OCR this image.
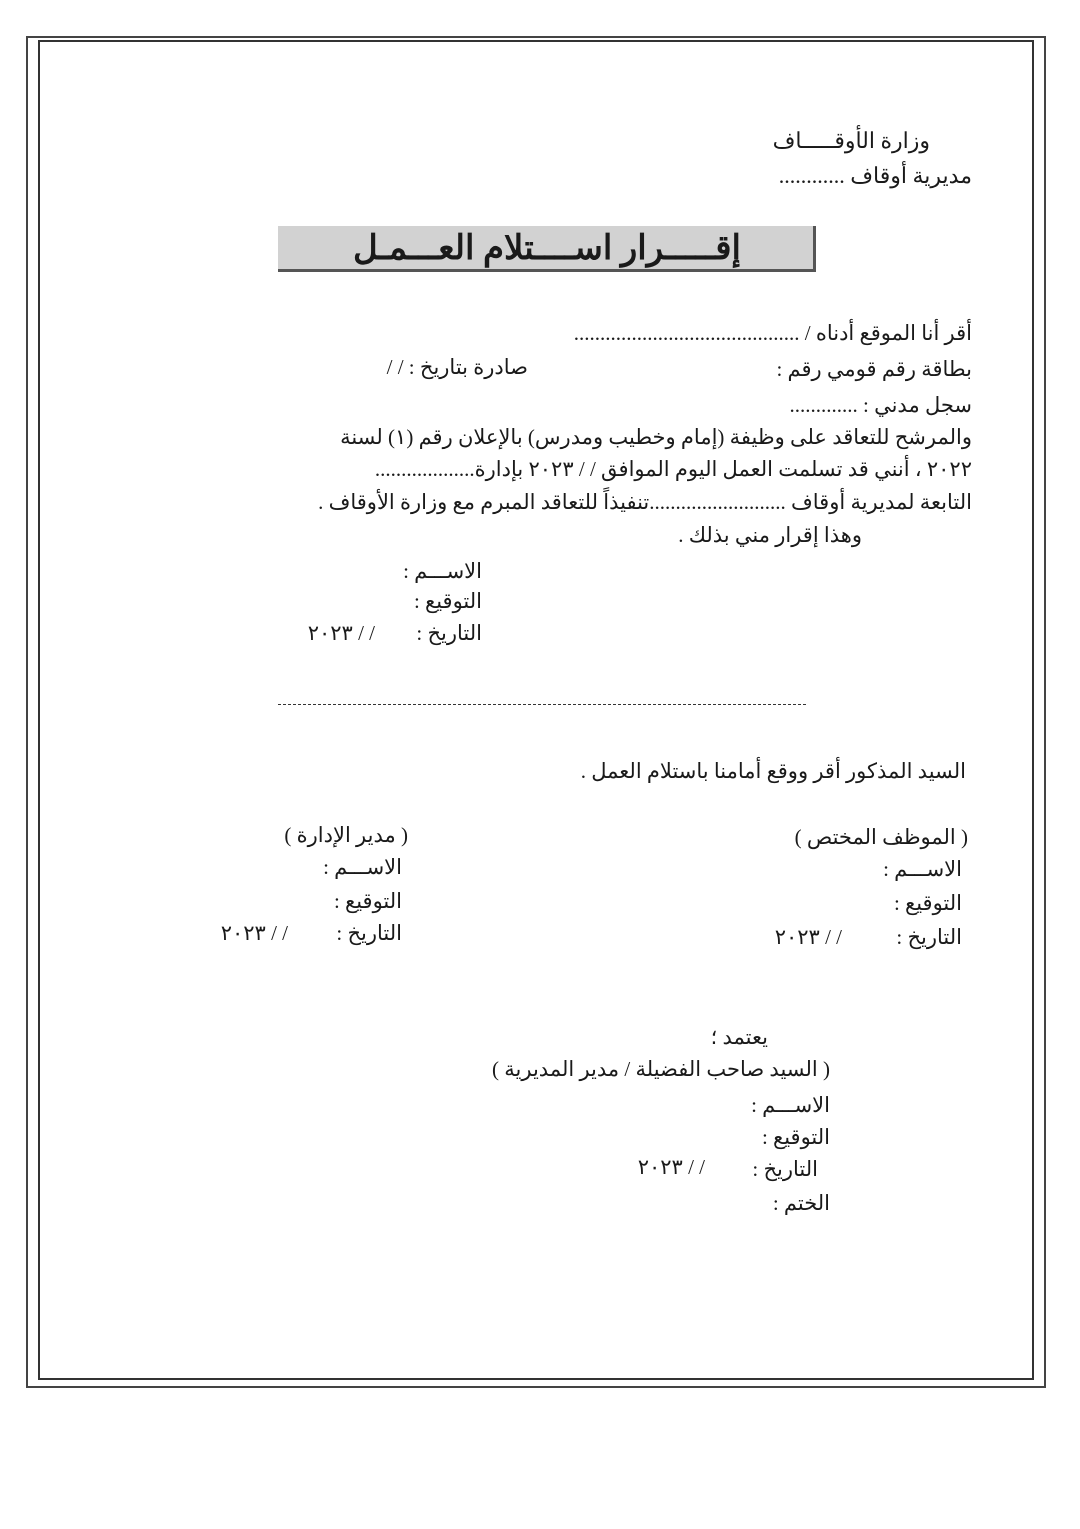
وزارة الأوقـــــاف
مديرية أوقاف ............
إقـــــرار اســــتلام العـــمـل
أقر أنا الموقع أدناه / ...........................................
بطاقة رقم قومي رقم :
صادرة بتاريخ : / /
سجل مدني : .............
والمرشح للتعاقد على وظيفة (إمام وخطيب ومدرس) بالإعلان رقم (١) لسنة
٢٠٢٢ ، أنني قد تسلمت العمل اليوم الموافق / / ٢٠٢٣ بإدارة...................
التابعة لمديرية أوقاف ..........................تنفيذاً للتعاقد المبرم مع وزارة الأوقاف .
وهذا إقرار مني بذلك .
الاســـم :
التوقيع :
التاريخ :
/ / ٢٠٢٣
السيد المذكور أقر ووقع أمامنا باستلام العمل .
( الموظف المختص )
الاســـم :
التوقيع :
التاريخ :
/ / ٢٠٢٣
( مدير الإدارة )
الاســـم :
التوقيع :
التاريخ :
/ / ٢٠٢٣
يعتمد ؛
( السيد صاحب الفضيلة / مدير المديرية )
الاســـم :
التوقيع :
التاريخ :
/ / ٢٠٢٣
الختم :
